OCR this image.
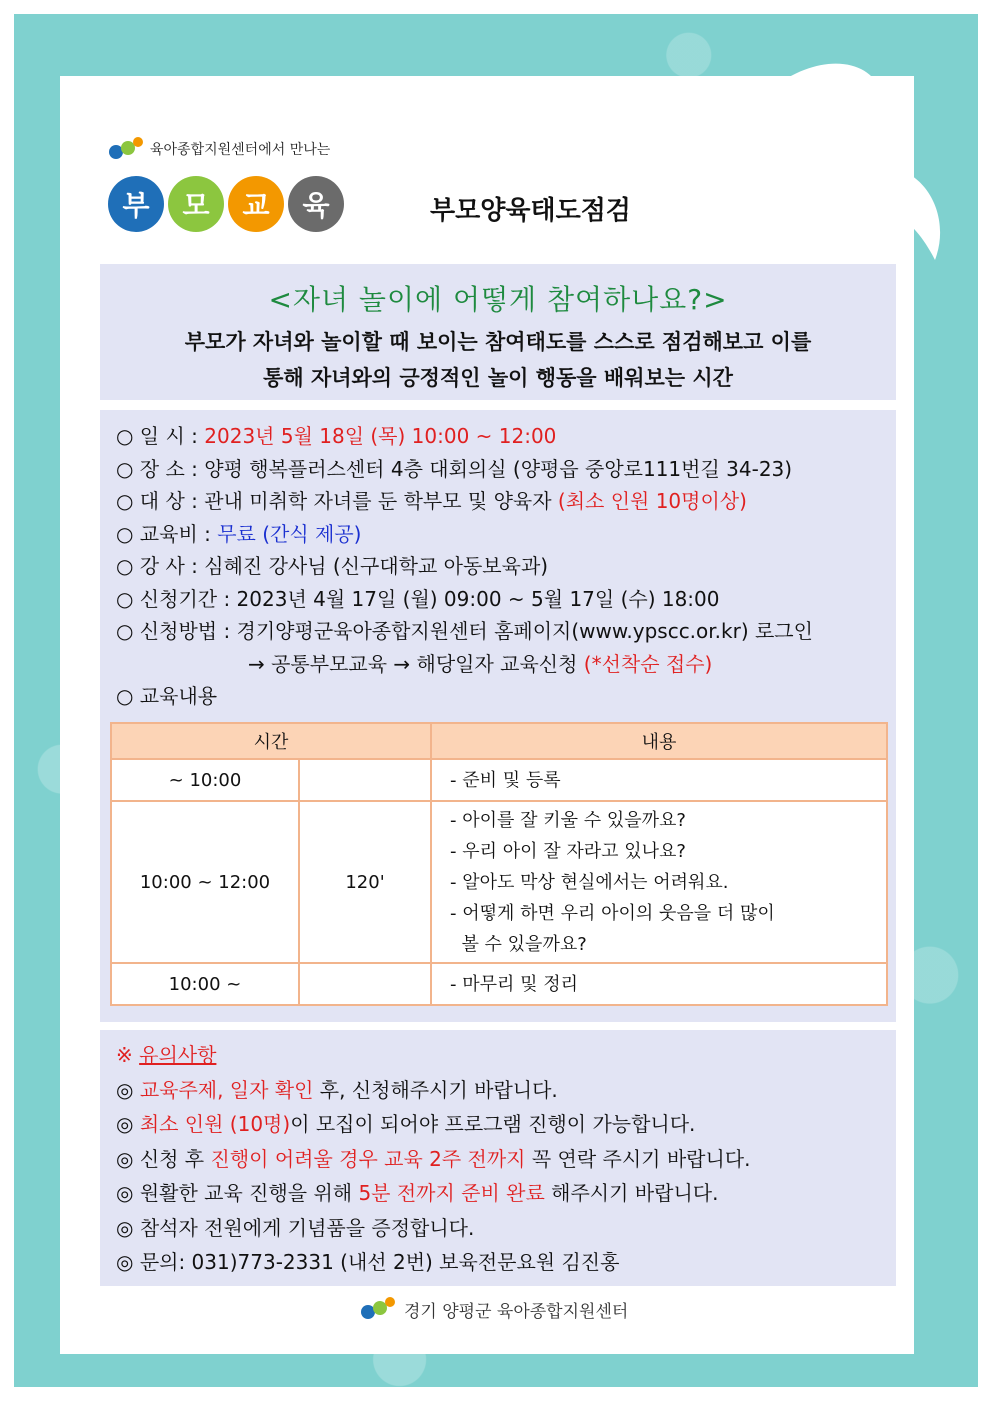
육아종합지원센터에서 만나는
부	모	교	육	부모양육태도점검
<자녀 놀이에 어떻게 참여하나요?>
부모가 자녀와 놀이할 때 보이는 참여태도를 스스로 점검해보고 이를
통해 자녀와의 긍정적인 놀이 행동을 배워보는 시간
○ 일 시 : 2023년 5월 18일 (목) 10:00 ~ 12:00
○ 장 소 : 양평 행복플러스센터 4층 대회의실 (양평읍 중앙로111번길 34-23)
○ 대 상 : 관내 미취학 자녀를 둔 학부모 및 양육자 (최소 인원 10명이상)
○ 교육비 : 무료 (간식 제공)
○ 강 사 : 심혜진 강사님 (신구대학교 아동보육과)
○ 신청기간 : 2023년 4월 17일 (월) 09:00 ~ 5월 17일 (수) 18:00
○ 신청방법 : 경기양평군육아종합지원센터 홈페이지(www.ypscc.or.kr) 로그인
→ 공통부모교육 → 해당일자 교육신청 (*선착순 접수)
○ 교육내용
시간		내용
~ 10:00		- 준비 및 등록

10:00 ~ 12:00	120'	- 아이를 잘 키울 수 있을까요?
- 우리 아이 잘 자라고 있나요?
- 알아도 막상 현실에서는 어려워요.
- 어떻게 하면 우리 아이의 웃음을 더 많이
볼 수 있을까요?

10:00 ~		- 마무리 및 정리
※ 유의사항
◎ 교육주제, 일자 확인 후, 신청해주시기 바랍니다.
◎ 최소 인원 (10명)이 모집이 되어야 프로그램 진행이 가능합니다.
◎ 신청 후 진행이 어려울 경우 교육 2주 전까지 꼭 연락 주시기 바랍니다.
◎ 원활한 교육 진행을 위해 5분 전까지 준비 완료 해주시기 바랍니다.
◎ 참석자 전원에게 기념품을 증정합니다.
◎ 문의: 031)773-2331 (내선 2번) 보육전문요원 김진홍
경기 양평군 육아종합지원센터
